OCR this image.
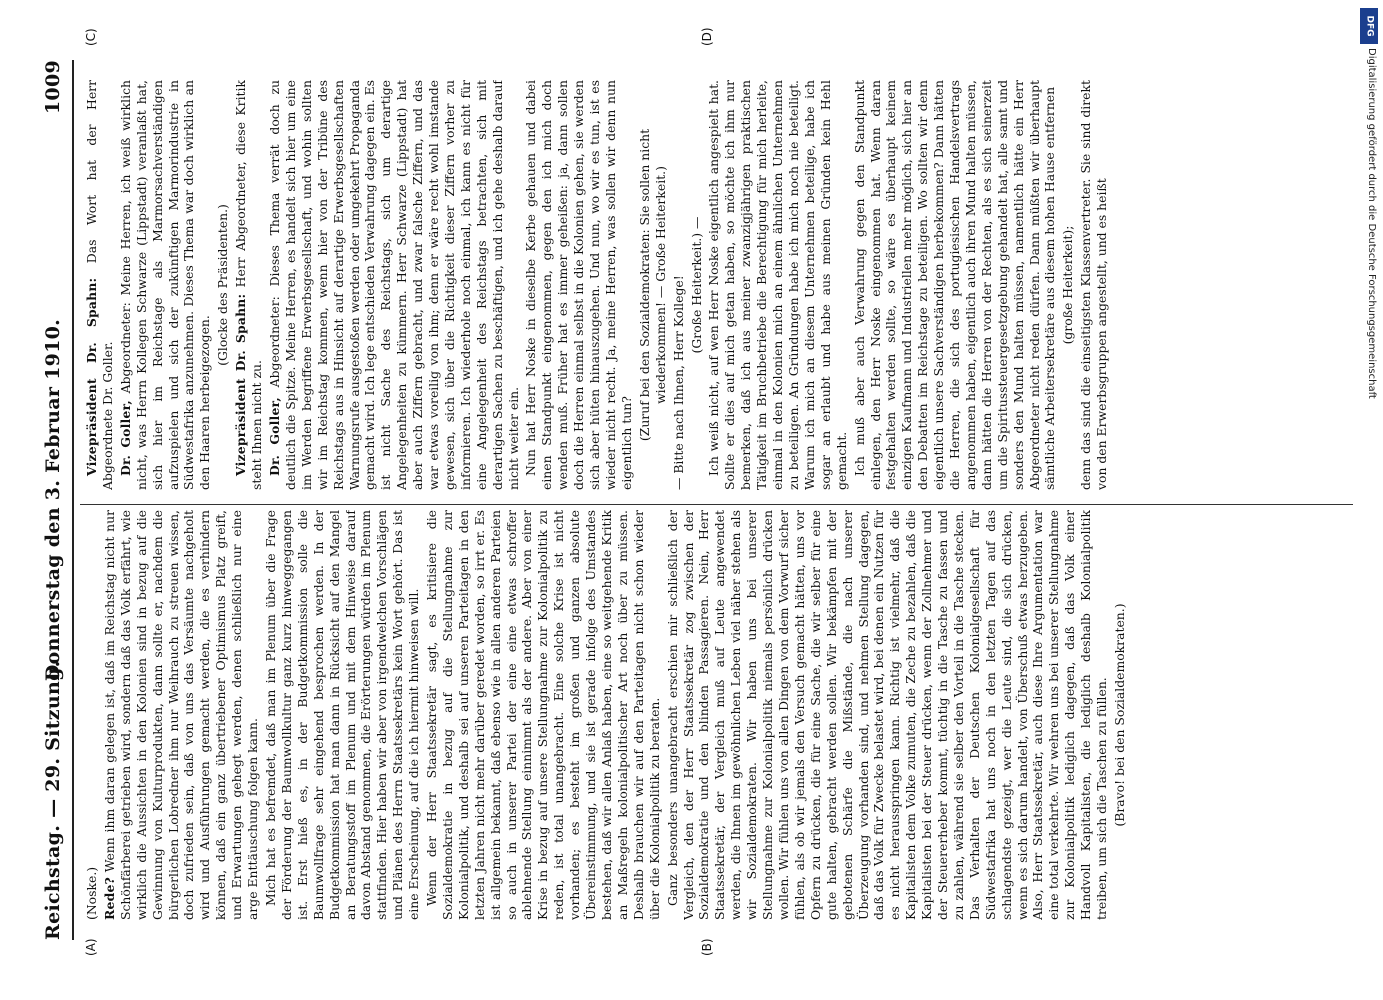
Reichstag. — 29. Sitzung.
Donnerstag den 3. Februar 1910.
1009
(A)	(B)
(C)	(D)

(Noske.) Rede? Wenn ihm daran gelegen ist, daß im Reichstag nicht nur Schönfärberei getrieben wird, sondern daß das Volk erfährt, wie wirklich die Aussichten in den Kolonien sind in bezug auf die Gewinnung von Kulturprodukten, dann sollte er, nachdem die bürgerlichen Lobredner ihm nur Weihrauch zu streuen wissen, doch zufrieden sein, daß von uns das Versäumte nachgeholt wird und Ausführungen gemacht werden, die es verhindern können, daß ein ganz übertriebener Optimismus Platz greift, und Erwartungen gehegt werden, denen schließlich nur eine arge Enttäuschung folgen kann. Mich hat es befremdet, daß man im Plenum über die Frage der Förderung der Baumwollkultur ganz kurz hinweggegangen ist. Erst hieß es, in der Budgetkommission solle die Baumwollfrage sehr eingehend besprochen werden. In der Budgetkommission hat man dann in Rücksicht auf den Mangel an Beratungsstoff im Plenum und mit dem Hinweise darauf davon Abstand genommen, die Erörterungen würden im Plenum stattfinden. Hier haben wir aber von irgendwelchen Vorschlägen und Plänen des Herrn Staatssekretärs kein Wort gehört. Das ist eine Erscheinung, auf die ich hiermit hinweisen will. Wenn der Herr Staatssekretär sagt, es kritisiere die Sozialdemokratie in bezug auf die Stellungnahme zur Kolonialpolitik, und deshalb sei auf unseren Parteitagen in den letzten Jahren nicht mehr darüber geredet worden, so irrt er. Es ist allgemein bekannt, daß ebenso wie in allen anderen Parteien so auch in unserer Partei der eine eine etwas schroffer ablehnende Stellung einnimmt als der andere. Aber von einer Krise in bezug auf unsere Stellungnahme zur Kolonialpolitik zu reden, ist total unangebracht. Eine solche Krise ist nicht vorhanden; es besteht im großen und ganzen absolute Übereinstimmung, und sie ist gerade infolge des Umstandes bestehen, daß wir allen Anlaß haben, eine so weitgehende Kritik an Maßregeln kolonialpolitischer Art noch über zu müssen. Deshalb brauchen wir auf den Parteitagen nicht schon wieder über die Kolonialpolitik zu beraten. Ganz besonders unangebracht erschien mir schließlich der Vergleich, den der Herr Staatssekretär zog zwischen der Sozialdemokratie und den blinden Passagieren. Nein, Herr Staatssekretär, der Vergleich muß auf Leute angewendet werden, die Ihnen im gewöhnlichen Leben viel näher stehen als wir Sozialdemokraten. Wir haben uns bei unserer Stellungnahme zur Kolonialpolitik niemals persönlich drücken wollen. Wir fühlen uns von allen Dingen von dem Vorwurf sicher fühlen, als ob wir jemals den Versuch gemacht hätten, uns vor Opfern zu drücken, die für eine Sache, die wir selber für eine gute halten, gebracht werden sollen. Wir bekämpfen mit der gebotenen Schärfe die Mißstände, die nach unserer Überzeugung vorhanden sind, und nehmen Stellung dagegen, daß das Volk für Zwecke belastet wird, bei denen ein Nutzen für es nicht herausspringen kann. Richtig ist vielmehr, daß die Kapitalisten dem Volke zumuten, die Zeche zu bezahlen, daß die Kapitalisten bei der Steuer drücken, wenn der Zollnehmer und der Steuererheber kommt, tüchtig in die Tasche zu fassen und zu zahlen, während sie selber den Vorteil in die Tasche stecken. Das Verhalten der Deutschen Kolonialgesellschaft für Südwestafrika hat uns noch in den letzten Tagen auf das schlagendste gezeigt, wer die Leute sind, die sich drücken, wenn es sich darum handelt, von Überschuß etwas herzugeben. Also, Herr Staatssekretär, auch diese Ihre Argumentation war eine total verkehrte. Wir wehren uns bei unserer Stellungnahme zur Kolonialpolitik lediglich dagegen, daß das Volk einer Handvoll Kapitalisten, die lediglich deshalb Kolonialpolitik treiben, um sich die Taschen zu füllen. (Bravo! bei den Sozialdemokraten.)

Vizepräsident Dr. Spahn: Das Wort hat der Herr Abgeordnete Dr. Goller. Dr. Goller, Abgeordneter: Meine Herren, ich weiß wirklich nicht, was Herrn Kollegen Schwarze (Lippstadt) veranlaßt hat, sich hier im Reichstage als Marmorsachverständigen aufzuspielen und sich der zukünftigen Marmorindustrie in Südwestafrika anzunehmen. Dieses Thema war doch wirklich an den Haaren herbeigezogen.

(Glocke des Präsidenten.)

Vizepräsident Dr. Spahn: Herr Abgeordneter, diese Kritik steht Ihnen nicht zu. Dr. Goller, Abgeordneter: Dieses Thema verrät doch zu deutlich die Spitze. Meine Herren, es handelt sich hier um eine im Werden begriffene Erwerbsgesellschaft, und wohin sollten wir im Reichstag kommen, wenn hier von der Tribüne des Reichstags aus in Hinsicht auf derartige Erwerbsgesellschaften Warnungsrufe ausgestoßen werden oder umgekehrt Propaganda gemacht wird. Ich lege entschieden Verwahrung dagegen ein. Es ist nicht Sache des Reichstags, sich um derartige Angelegenheiten zu kümmern. Herr Schwarze (Lippstadt) hat aber auch Ziffern gebracht, und zwar falsche Ziffern, und das war etwas voreilig von ihm; denn er wäre recht wohl imstande gewesen, sich über die Richtigkeit dieser Ziffern vorher zu informieren. Ich wiederhole noch einmal, ich kann es nicht für eine Angelegenheit des Reichstags betrachten, sich mit derartigen Sachen zu beschäftigen, und ich gehe deshalb darauf nicht weiter ein. Nun hat Herr Noske in dieselbe Kerbe gehauen und dabei einen Standpunkt eingenommen, gegen den ich mich doch wenden muß. Früher hat es immer geheißen: ja, dann sollen doch die Herren einmal selbst in die Kolonien gehen, sie werden sich aber hüten hinauszugehen. Und nun, wo wir es tun, ist es wieder nicht recht. Ja, meine Herren, was sollen wir denn nun eigentlich tun?

(Zuruf bei den Sozialdemokraten: Sie sollen nicht wiederkommen! — Große Heiterkeit.) — Bitte nach Ihnen, Herr Kollege! (Große Heiterkeit.) — Ich weiß nicht, auf wen Herr Noske eigentlich angespielt hat. Sollte er dies auf mich getan haben, so möchte ich ihm nur bemerken, daß ich aus meiner zwanzigjährigen praktischen Tätigkeit im Bruchbetriebe die Berechtigung für mich herleite, einmal in den Kolonien mich an einem ähnlichen Unternehmen zu beteiligen. An Gründungen habe ich mich noch nie beteiligt. Warum ich mich an diesem Unternehmen beteilige, habe ich sogar an erlaubt und habe aus meinen Gründen kein Hehl gemacht. Ich muß aber auch Verwahrung gegen den Standpunkt einlegen, den Herr Noske eingenommen hat. Wenn daran festgehalten werden sollte, so wäre es überhaupt keinem einzigen Kaufmann und Industriellen mehr möglich, sich hier an den Debatten im Reichstage zu beteiligen. Wo sollten wir denn eigentlich unsere Sachverständigen herbekommen? Dann hätten die Herren, die sich des portugiesischen Handelsvertrags angenommen haben, eigentlich auch ihren Mund halten müssen, dann hätten die Herren von der Rechten, als es sich seinerzeit um die Spiritussteuergesetzgebung gehandelt hat, alle samt und sonders den Mund halten müssen, namentlich hätte ein Herr Abgeordneter nicht reden dürfen. Dann müßten wir überhaupt sämtliche Arbeitersekretäre aus diesem hohen Hause entfernen (große Heiterkeit); denn das sind die einseitigsten Klassenvertreter. Sie sind direkt von den Erwerbsgruppen angestellt, und es heißt

DFG
Digitalisierung gefördert durch die Deutsche Forschungsgemeinschaft
